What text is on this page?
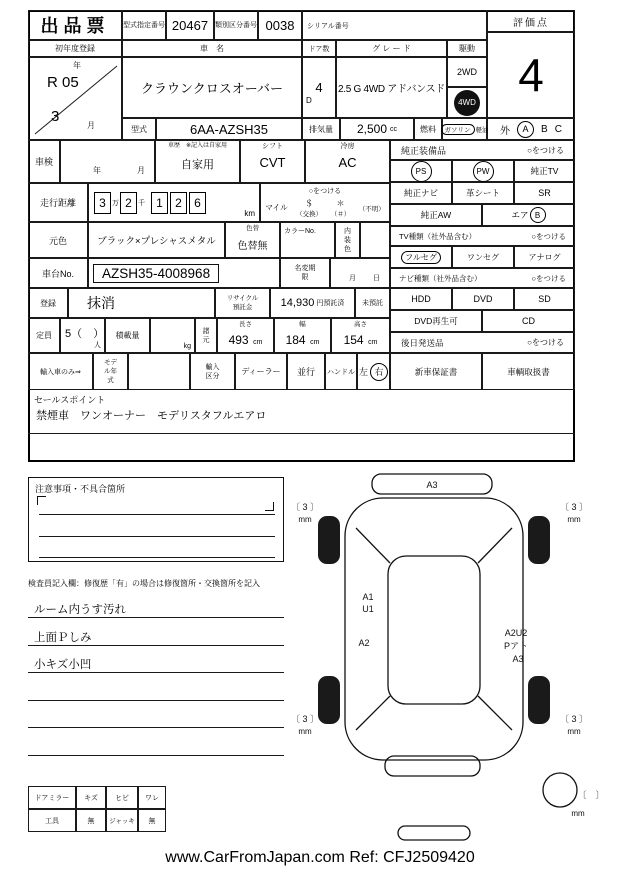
出品票	型式指定番号 20467 類別区分番号 0038	シリアル番号	評価点
4
外	A	B C
初年度登録
年
R 05
3
月
車　名
クラウンクロスオーバー
ドア数
4
D
グ レ ー ド
2.5 G 4WD アドバンスド
駆動
2WD
4WD
型式	6AA-AZSH35	排気量	2,500 cc	燃料	ガソリン 軽油
車検
年	月
車歴　※記入は自家用
自家用
シフト
CVT
冷房
AC
走行距離	3 万 2 千 1	2	6
km
○をつける
マイル ＄
（交換）
＊
（＃）
（不明）
元色	ブラック×プレシャスメタル
色替
色替無
カラーNo.	内装色
車台No.	AZSH35-4008968	名変期限	月 日
登録	抹消	リサイクル預託金	14,930 円預託済	未預託
定員	5（　）
人
積載量
kg
諸元
長さ
493 cm
幅
184 cm
高さ
154 cm
輸入車のみ⇒
モデル年式
輸入区分	ディーラー	並行	ハンドル 左 右
純正装備品	○をつける
PS	PW	純正TV
純正ナビ	革シート	SR
純正AW	エア B
TV種類（社外品含む）	○をつける
フルセグ	ワンセグ	アナログ
ナビ種類（社外品含む）	○をつける
HDD	DVD	SD
DVD再生可	CD
後日発送品	○をつける
新車保証書	車輌取扱書
セールスポイント
禁煙車　ワンオーナー　モデリスタフルエアロ
注意事項・不具合箇所
検査員記入欄：修復歴「有」の場合は修復箇所・交換箇所を記入
ルーム内うす汚れ
上面Ｐしみ
小キズ小凹
ドアミラー	キズ	ヒビ	ワレ
工具	無	ジャッキ	無
A3
〔 3 〕
mm
〔 3 〕
mm
〔 3 〕
mm
〔 3 〕
mm
A1
U1
A2
A2U2
Pアト
A3
〔　〕
mm
www.CarFromJapan.com Ref: CFJ2509420
